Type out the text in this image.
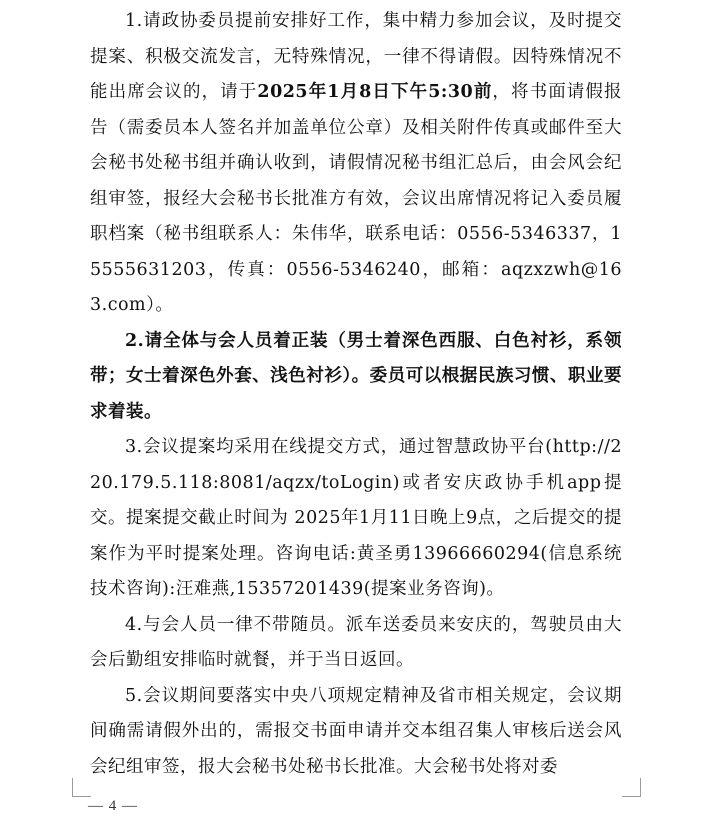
1.请政协委员提前安排好工作，集中精力参加会议，及时提交提案、积极交流发言，无特殊情况，一律不得请假。因特殊情况不能出席会议的，请于2025年1月8日下午5:30前，将书面请假报告（需委员本人签名并加盖单位公章）及相关附件传真或邮件至大会秘书处秘书组并确认收到，请假情况秘书组汇总后，由会风会纪组审签，报经大会秘书长批准方有效，会议出席情况将记入委员履职档案（秘书组联系人：朱伟华，联系电话：0556-5346337，15555631203，传真：0556-5346240，邮箱：aqzxzwh@163.com）。

2.请全体与会人员着正装（男士着深色西服、白色衬衫，系领带；女士着深色外套、浅色衬衫）。委员可以根据民族习惯、职业要求着装。

3.会议提案均采用在线提交方式，通过智慧政协平台(http://220.179.5.118:8081/aqzx/toLogin)或者安庆政协手机app提交。提案提交截止时间为 2025年1月11日晚上9点，之后提交的提案作为平时提案处理。咨询电话:黄圣勇13966660294(信息系统技术咨询):汪难燕,15357201439(提案业务咨询)。

4.与会人员一律不带随员。派车送委员来安庆的，驾驶员由大会后勤组安排临时就餐，并于当日返回。

5.会议期间要落实中央八项规定精神及省市相关规定，会议期间确需请假外出的，需报交书面申请并交本组召集人审核后送会风会纪组审签，报大会秘书处秘书长批准。大会秘书处将对委

— 4 —
